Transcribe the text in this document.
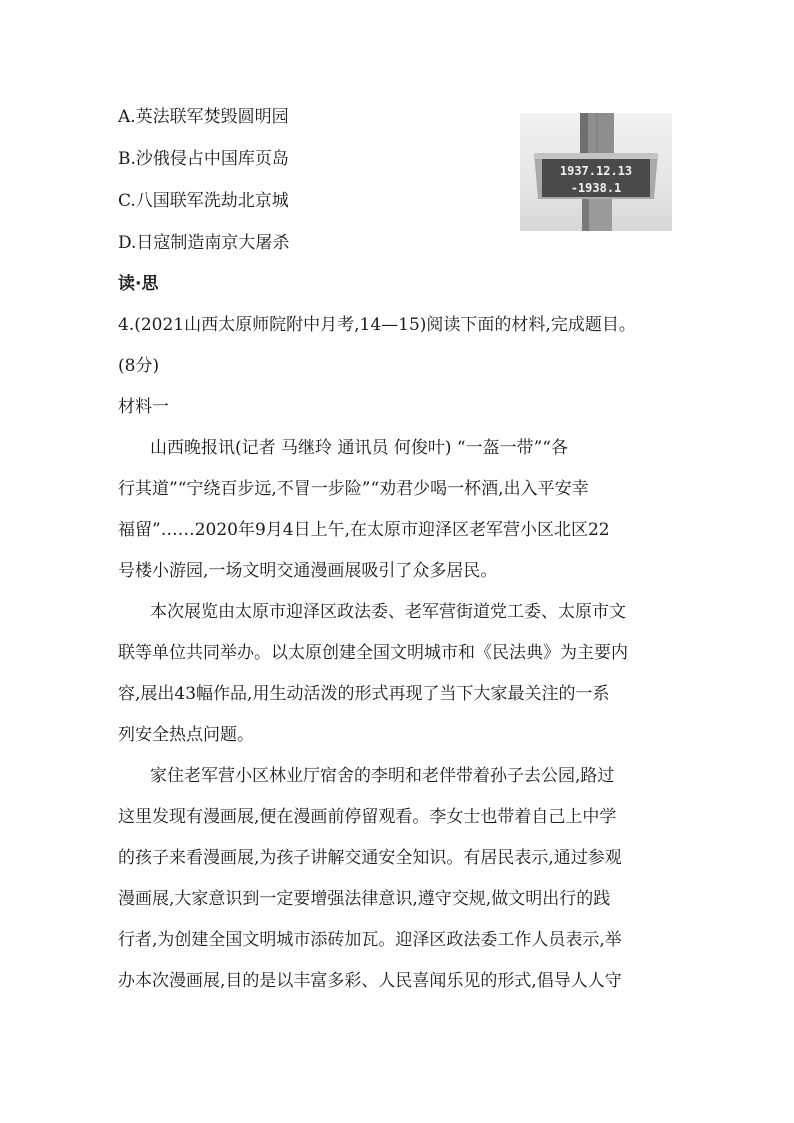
A.英法联军焚毁圆明园
B.沙俄侵占中国库页岛
C.八国联军洗劫北京城
D.日寇制造南京大屠杀
1937.12.13
-1938.1
读·思
4.(2021山西太原师院附中月考,14—15)阅读下面的材料,完成题目。
(8分)
材料一
山西晚报讯(记者 马继玲 通讯员 何俊叶) “一盔一带”“各
行其道”“宁绕百步远,不冒一步险”“劝君少喝一杯酒,出入平安幸
福留”……2020年9月4日上午,在太原市迎泽区老军营小区北区22
号楼小游园,一场文明交通漫画展吸引了众多居民。
本次展览由太原市迎泽区政法委、老军营街道党工委、太原市文
联等单位共同举办。以太原创建全国文明城市和《民法典》为主要内
容,展出43幅作品,用生动活泼的形式再现了当下大家最关注的一系
列安全热点问题。
家住老军营小区林业厅宿舍的李明和老伴带着孙子去公园,路过
这里发现有漫画展,便在漫画前停留观看。李女士也带着自己上中学
的孩子来看漫画展,为孩子讲解交通安全知识。有居民表示,通过参观
漫画展,大家意识到一定要增强法律意识,遵守交规,做文明出行的践
行者,为创建全国文明城市添砖加瓦。迎泽区政法委工作人员表示,举
办本次漫画展,目的是以丰富多彩、人民喜闻乐见的形式,倡导人人守
